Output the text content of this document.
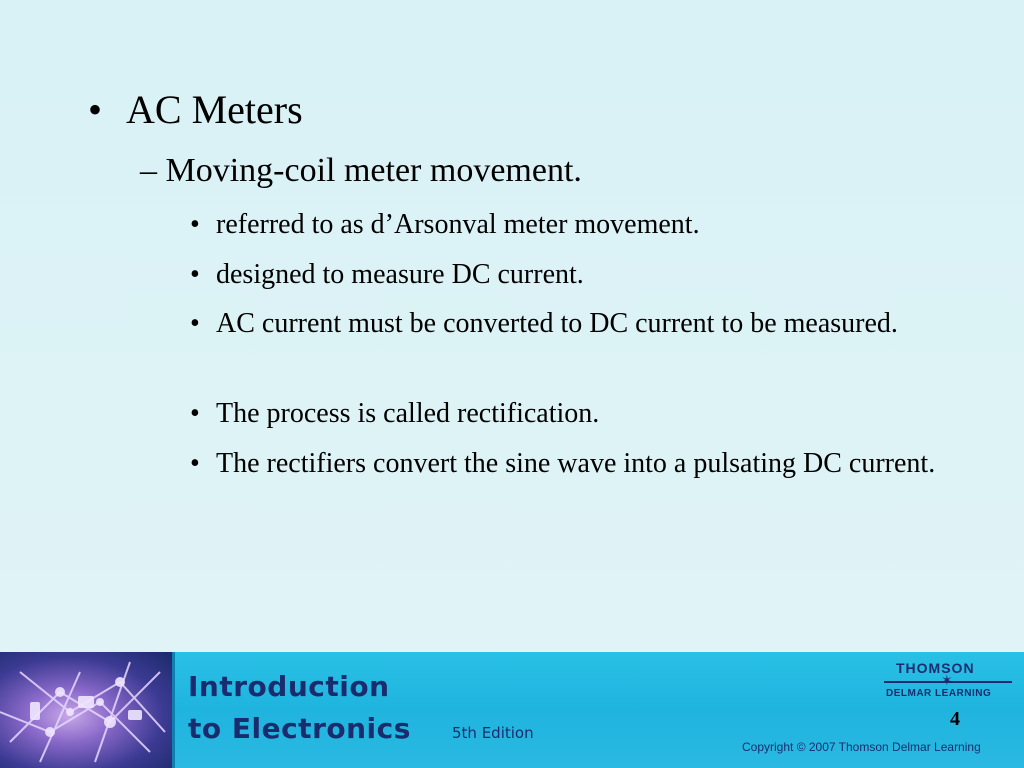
• AC Meters
– Moving-coil meter movement.
• referred to as d’Arsonval meter movement.
• designed to measure DC current.
• AC current must be converted to DC current to be measured.
• The process is called rectification.
• The rectifiers convert the sine wave into a pulsating DC current.
Introduction
to Electronics	5th Edition
THOMSON
✶
DELMAR LEARNING
4
Copyright © 2007 Thomson Delmar Learning
